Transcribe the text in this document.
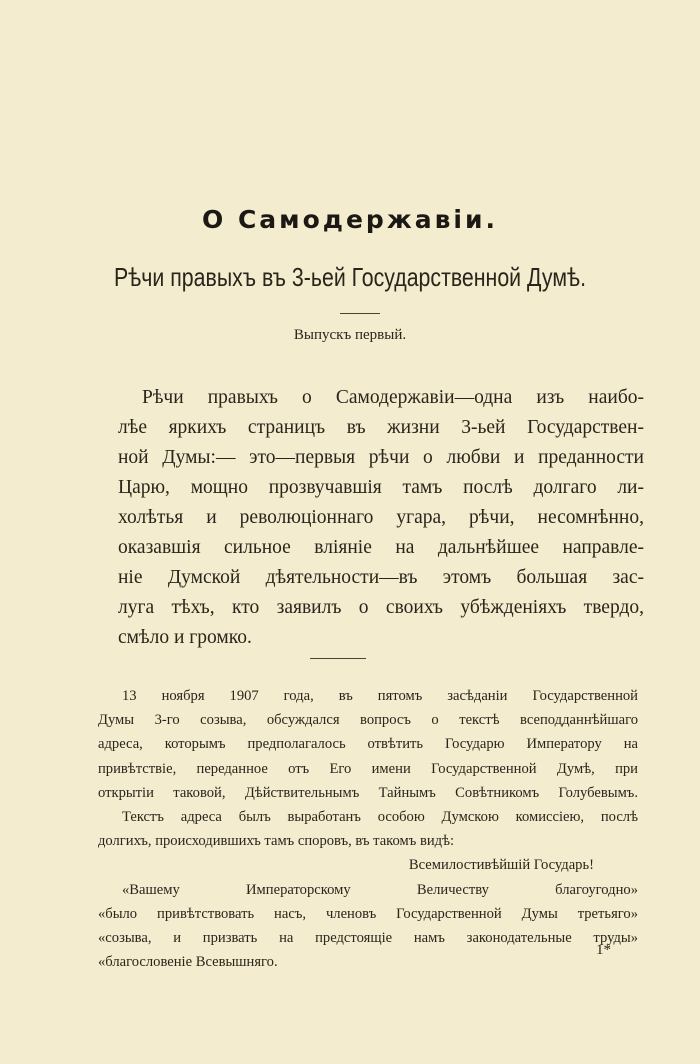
О Самодержавіи.
Рѣчи правыхъ въ 3-ьей Государственной Думѣ.
Выпускъ первый.
Рѣчи правыхъ о Самодержавіи—одна изъ наибо-
лѣе яркихъ страницъ въ жизни 3-ьей Государствен-
ной Думы:— это—первыя рѣчи о любви и преданности
Царю, мощно прозвучавшія тамъ послѣ долгаго ли-
холѣтья и революціоннаго угара, рѣчи, несомнѣнно,
оказавшія сильное вліяніе на дальнѣйшее направле-
ніе Думской дѣятельности—въ этомъ большая зас-
луга тѣхъ, кто заявилъ о своихъ убѣжденіяхъ твердо,
смѣло и громко.
13 ноября 1907 года, въ пятомъ засѣданіи Государственной
Думы 3-го созыва, обсуждался вопросъ о текстѣ всеподданнѣйшаго
адреса, которымъ предполагалось отвѣтить Государю Императору на
привѣтствіе, переданное отъ Его имени Государственной Думѣ, при
открытіи таковой, Дѣйствительнымъ Тайнымъ Совѣтникомъ Голубевымъ.
Текстъ адреса былъ выработанъ особою Думскою комиссіею, послѣ
долгихъ, происходившихъ тамъ споровъ, въ такомъ видѣ:
Всемилостивѣйшій Государь!
«Вашему Императорскому Величеству благоугодно»
«было привѣтствовать насъ, членовъ Государственной Думы третьяго»
«созыва, и призвать на предстоящіе намъ законодательные труды»
«благословеніе Всевышняго.
1*
